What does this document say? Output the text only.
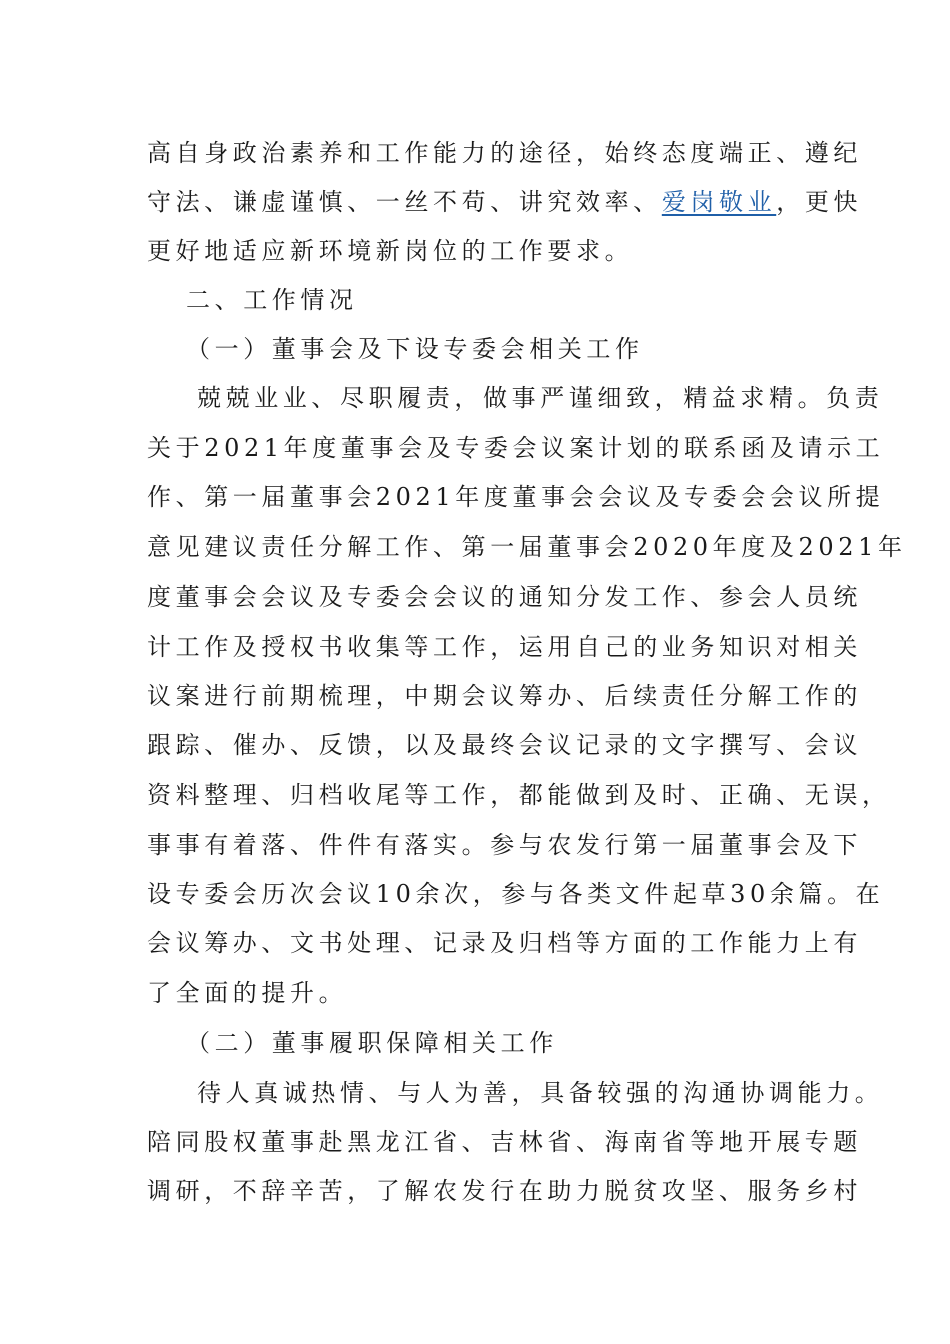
高自身政治素养和工作能力的途径，始终态度端正、遵纪
守法、谦虚谨慎、一丝不苟、讲究效率、爱岗敬业，更快
更好地适应新环境新岗位的工作要求。
二、工作情况
（一）董事会及下设专委会相关工作
兢兢业业、尽职履责，做事严谨细致，精益求精。负责
关于2021年度董事会及专委会议案计划的联系函及请示工
作、第一届董事会2021年度董事会会议及专委会会议所提
意见建议责任分解工作、第一届董事会2020年度及2021年
度董事会会议及专委会会议的通知分发工作、参会人员统
计工作及授权书收集等工作，运用自己的业务知识对相关
议案进行前期梳理，中期会议筹办、后续责任分解工作的
跟踪、催办、反馈，以及最终会议记录的文字撰写、会议
资料整理、归档收尾等工作，都能做到及时、正确、无误，
事事有着落、件件有落实。参与农发行第一届董事会及下
设专委会历次会议10余次，参与各类文件起草30余篇。在
会议筹办、文书处理、记录及归档等方面的工作能力上有
了全面的提升。
（二）董事履职保障相关工作
待人真诚热情、与人为善，具备较强的沟通协调能力。
陪同股权董事赴黑龙江省、吉林省、海南省等地开展专题
调研，不辞辛苦，了解农发行在助力脱贫攻坚、服务乡村
